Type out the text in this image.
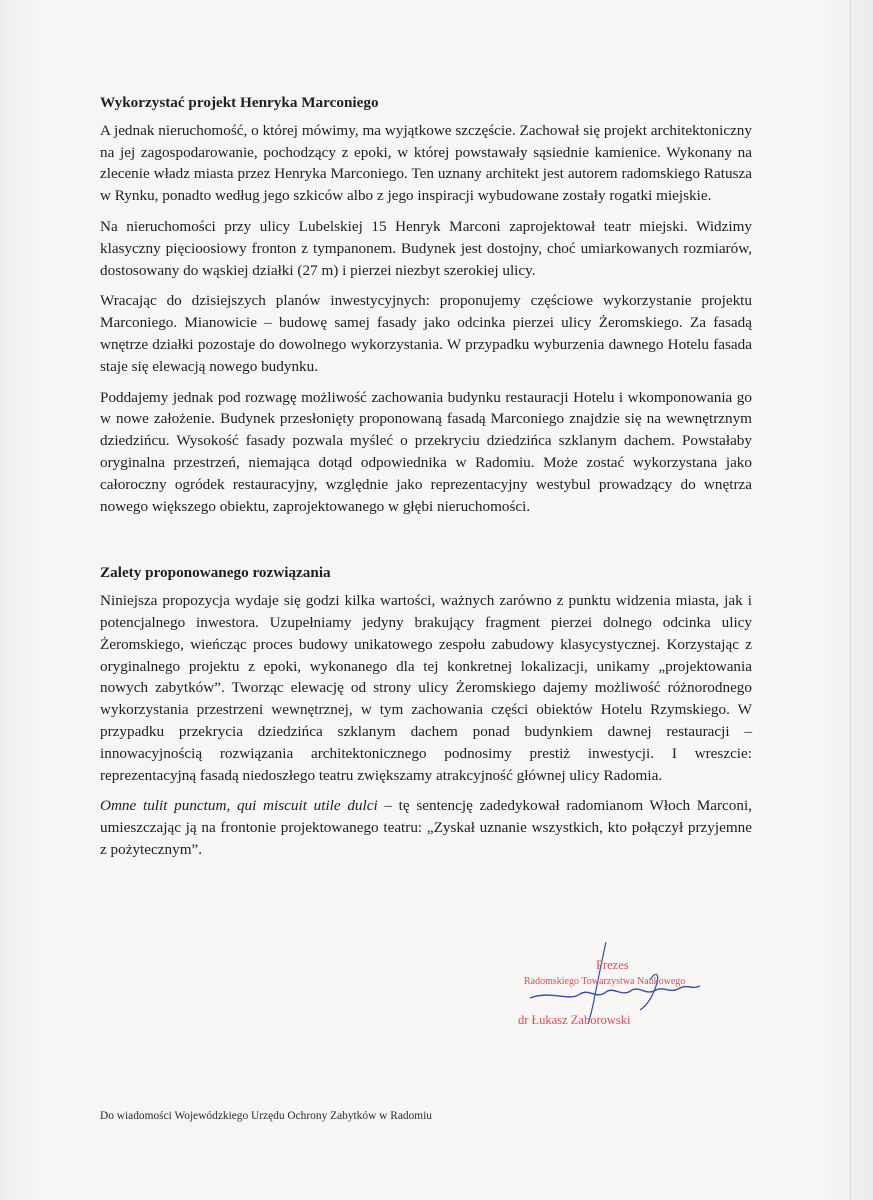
Wykorzystać projekt Henryka Marconiego

A jednak nieruchomość, o której mówimy, ma wyjątkowe szczęście. Zachował się projekt architektoniczny na jej zagospodarowanie, pochodzący z epoki, w której powstawały sąsiednie kamienice. Wykonany na zlecenie władz miasta przez Henryka Marconiego. Ten uznany architekt jest autorem radomskiego Ratusza w Rynku, ponadto według jego szkiców albo z jego inspiracji wybudowane zostały rogatki miejskie.

Na nieruchomości przy ulicy Lubelskiej 15 Henryk Marconi zaprojektował teatr miejski. Widzimy klasyczny pięcioosiowy fronton z tympanonem. Budynek jest dostojny, choć umiarkowanych rozmiarów, dostosowany do wąskiej działki (27 m) i pierzei niezbyt szerokiej ulicy.

Wracając do dzisiejszych planów inwestycyjnych: proponujemy częściowe wykorzystanie projektu Marconiego. Mianowicie – budowę samej fasady jako odcinka pierzei ulicy Żeromskiego. Za fasadą wnętrze działki pozostaje do dowolnego wykorzystania. W przypadku wyburzenia dawnego Hotelu fasada staje się elewacją nowego budynku.

Poddajemy jednak pod rozwagę możliwość zachowania budynku restauracji Hotelu i wkomponowania go w nowe założenie. Budynek przesłonięty proponowaną fasadą Marconiego znajdzie się na wewnętrznym dziedzińcu. Wysokość fasady pozwala myśleć o przekryciu dziedzińca szklanym dachem. Powstałaby oryginalna przestrzeń, niemająca dotąd odpowiednika w Radomiu. Może zostać wykorzystana jako całoroczny ogródek restauracyjny, względnie jako reprezentacyjny westybul prowadzący do wnętrza nowego większego obiektu, zaprojektowanego w głębi nieruchomości.

Zalety proponowanego rozwiązania

Niniejsza propozycja wydaje się godzi kilka wartości, ważnych zarówno z punktu widzenia miasta, jak i potencjalnego inwestora. Uzupełniamy jedyny brakujący fragment pierzei dolnego odcinka ulicy Żeromskiego, wieńcząc proces budowy unikatowego zespołu zabudowy klasycystycznej. Korzystając z oryginalnego projektu z epoki, wykonanego dla tej konkretnej lokalizacji, unikamy „projektowania nowych zabytków”. Tworząc elewację od strony ulicy Żeromskiego dajemy możliwość różnorodnego wykorzystania przestrzeni wewnętrznej, w tym zachowania części obiektów Hotelu Rzymskiego. W przypadku przekrycia dziedzińca szklanym dachem ponad budynkiem dawnej restauracji – innowacyjnością rozwiązania architektonicznego podnosimy prestiż inwestycji. I wreszcie: reprezentacyjną fasadą niedoszłego teatru zwiększamy atrakcyjność głównej ulicy Radomia.

Omne tulit punctum, qui miscuit utile dulci – tę sentencję zadedykował radomianom Włoch Marconi, umieszczając ją na frontonie projektowanego teatru: „Zyskał uznanie wszystkich, kto połączył przyjemne z pożytecznym”.

Prezes
Radomskiego Towarzystwa Naukowego
dr Łukasz Zaborowski
Do wiadomości Wojewódzkiego Urzędu Ochrony Zabytków w Radomiu
